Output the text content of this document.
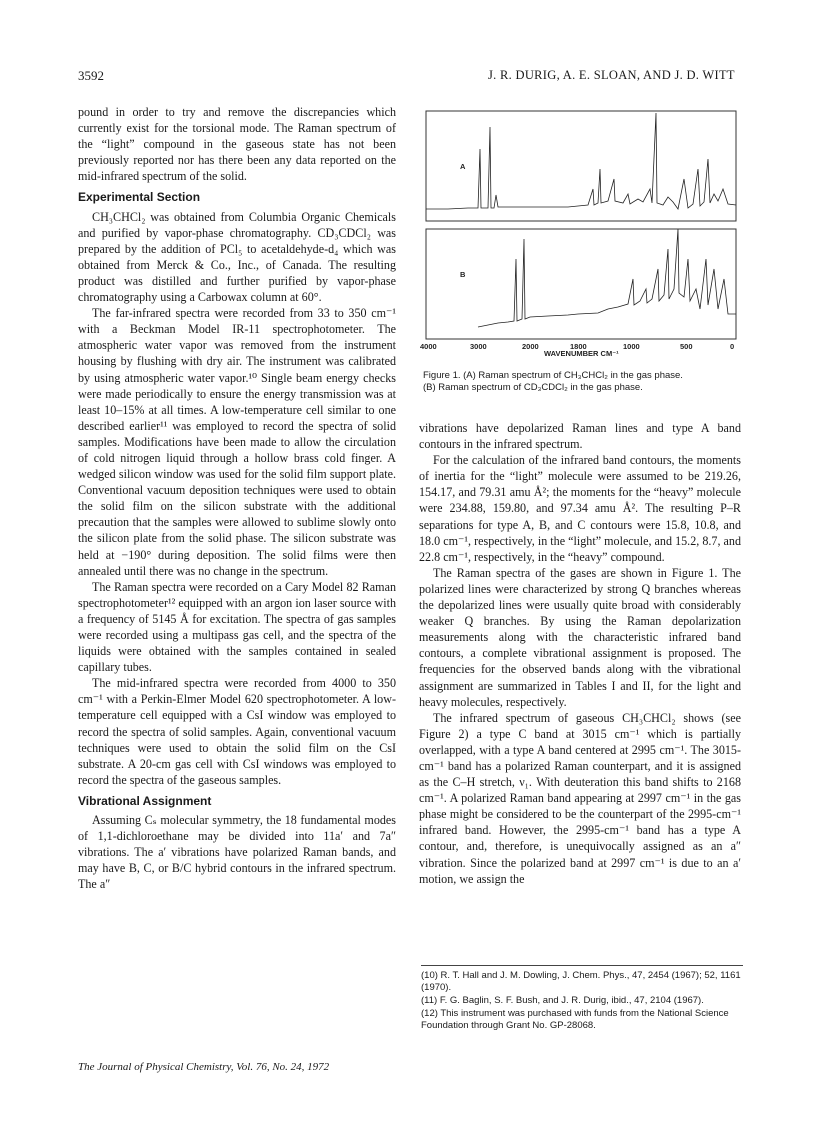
3592	J. R. DURIG, A. E. SLOAN, AND J. D. WITT

pound in order to try and remove the discrepancies which currently exist for the torsional mode. The Raman spectrum of the “light” compound in the gaseous state has not been previously reported nor has there been any data reported on the mid-infrared spectrum of the solid.

Experimental Section

CH₃CHCl₂ was obtained from Columbia Organic Chemicals and purified by vapor-phase chromatography. CD₃CDCl₂ was prepared by the addition of PCl₅ to acetaldehyde-d₄ which was obtained from Merck & Co., Inc., of Canada. The resulting product was distilled and further purified by vapor-phase chromatography using a Carbowax column at 60°.

The far-infrared spectra were recorded from 33 to 350 cm⁻¹ with a Beckman Model IR-11 spectrophotometer. The atmospheric water vapor was removed from the instrument housing by flushing with dry air. The instrument was calibrated by using atmospheric water vapor.¹⁰ Single beam energy checks were made periodically to ensure the energy transmission was at least 10–15% at all times. A low-temperature cell similar to one described earlier¹¹ was employed to record the spectra of solid samples. Modifications have been made to allow the circulation of cold nitrogen liquid through a hollow brass cold finger. A wedged silicon window was used for the solid film support plate. Conventional vacuum deposition techniques were used to obtain the solid film on the silicon substrate with the additional precaution that the samples were allowed to sublime slowly onto the silicon plate from the solid phase. The silicon substrate was held at −190° during deposition. The solid films were then annealed until there was no change in the spectrum.

The Raman spectra were recorded on a Cary Model 82 Raman spectrophotometer¹² equipped with an argon ion laser source with a frequency of 5145 Å for excitation. The spectra of gas samples were recorded using a multipass gas cell, and the spectra of the liquids were obtained with the samples contained in sealed capillary tubes.

The mid-infrared spectra were recorded from 4000 to 350 cm⁻¹ with a Perkin-Elmer Model 620 spectrophotometer. A low-temperature cell equipped with a CsI window was employed to record the spectra of solid samples. Again, conventional vacuum techniques were used to obtain the solid film on the CsI substrate. A 20-cm gas cell with CsI windows was employed to record the spectra of the gaseous samples.

Vibrational Assignment

Assuming Cₛ molecular symmetry, the 18 fundamental modes of 1,1-dichloroethane may be divided into 11a′ and 7a″ vibrations. The a′ vibrations have polarized Raman bands, and may have B, C, or B/C hybrid contours in the infrared spectrum. The a″

A
B
4000	3000	2000	1800	1000	500	0
WAVENUMBER CM⁻¹
Figure 1. (A) Raman spectrum of CH₃CHCl₂ in the gas phase.
(B) Raman spectrum of CD₃CDCl₂ in the gas phase.

vibrations have depolarized Raman lines and type A band contours in the infrared spectrum.

For the calculation of the infrared band contours, the moments of inertia for the “light” molecule were assumed to be 219.26, 154.17, and 79.31 amu Å²; the moments for the “heavy” molecule were 234.88, 159.80, and 97.34 amu Å². The resulting P–R separations for type A, B, and C contours were 15.8, 10.8, and 18.0 cm⁻¹, respectively, in the “light” molecule, and 15.2, 8.7, and 22.8 cm⁻¹, respectively, in the “heavy” compound.

The Raman spectra of the gases are shown in Figure 1. The polarized lines were characterized by strong Q branches whereas the depolarized lines were usually quite broad with considerably weaker Q branches. By using the Raman depolarization measurements along with the characteristic infrared band contours, a complete vibrational assignment is proposed. The frequencies for the observed bands along with the vibrational assignment are summarized in Tables I and II, for the light and heavy molecules, respectively.

The infrared spectrum of gaseous CH₃CHCl₂ shows (see Figure 2) a type C band at 3015 cm⁻¹ which is partially overlapped, with a type A band centered at 2995 cm⁻¹. The 3015-cm⁻¹ band has a polarized Raman counterpart, and it is assigned as the C–H stretch, ν₁. With deuteration this band shifts to 2168 cm⁻¹. A polarized Raman band appearing at 2997 cm⁻¹ in the gas phase might be considered to be the counterpart of the 2995-cm⁻¹ infrared band. However, the 2995-cm⁻¹ band has a type A contour, and, therefore, is unequivocally assigned as an a″ vibration. Since the polarized band at 2997 cm⁻¹ is due to an a′ motion, we assign the

(10) R. T. Hall and J. M. Dowling, J. Chem. Phys., 47, 2454 (1967); 52, 1161 (1970).
(11) F. G. Baglin, S. F. Bush, and J. R. Durig, ibid., 47, 2104 (1967).
(12) This instrument was purchased with funds from the National Science Foundation through Grant No. GP-28068.
The Journal of Physical Chemistry, Vol. 76, No. 24, 1972
